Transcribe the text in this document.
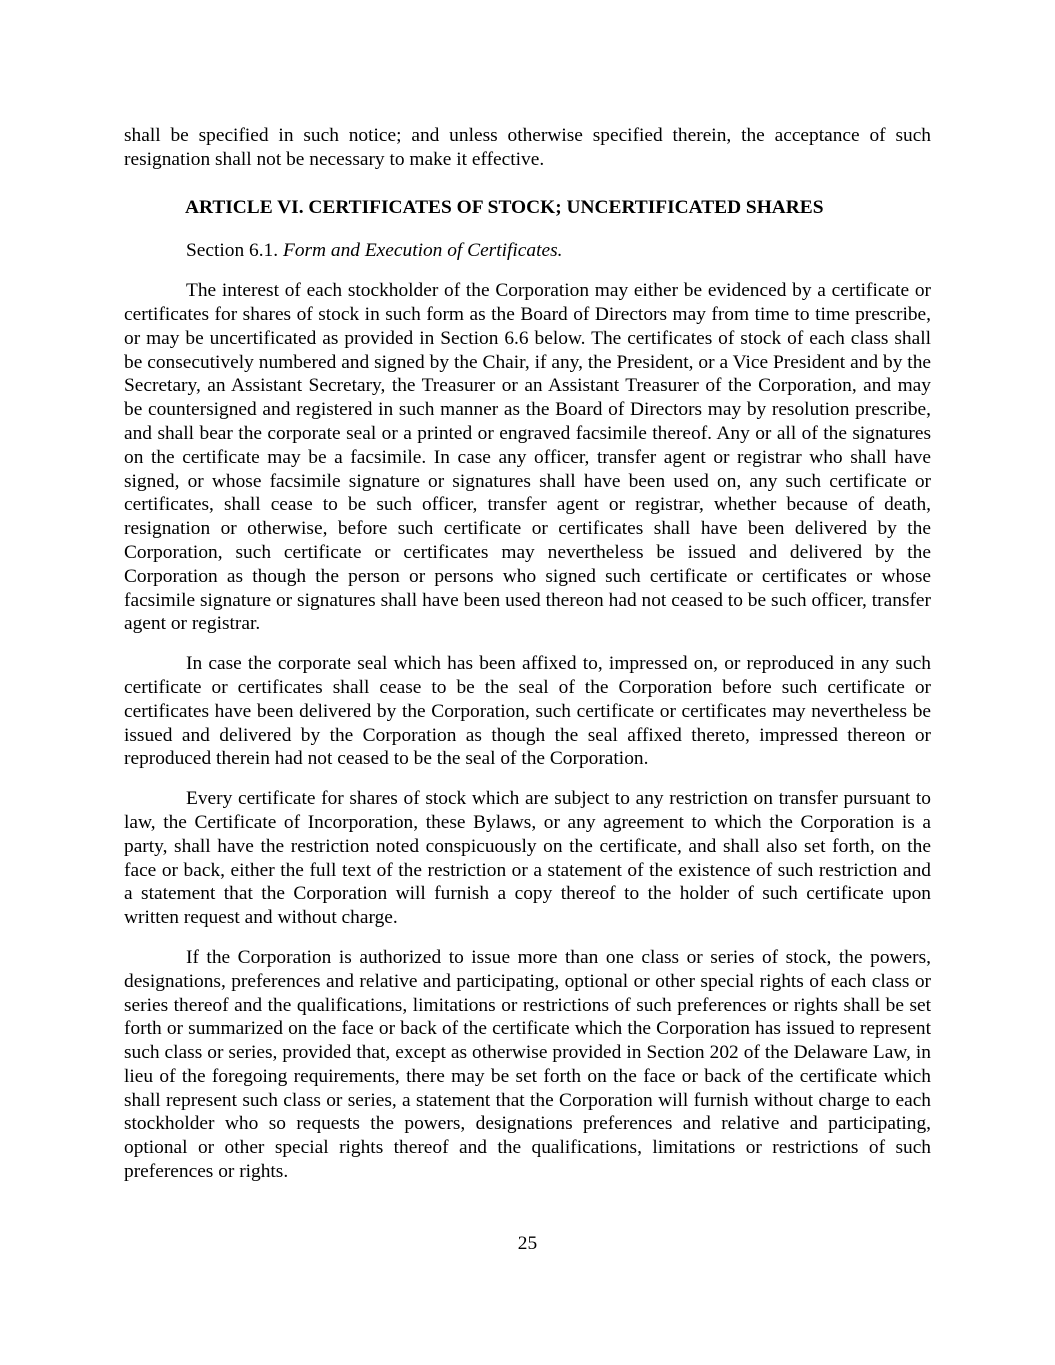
shall be specified in such notice; and unless otherwise specified therein, the acceptance of such resignation shall not be necessary to make it effective.

ARTICLE VI. CERTIFICATES OF STOCK; UNCERTIFICATED SHARES
Section 6.1. Form and Execution of Certificates.

The interest of each stockholder of the Corporation may either be evidenced by a certificate or certificates for shares of stock in such form as the Board of Directors may from time to time prescribe, or may be uncertificated as provided in Section 6.6 below. The certificates of stock of each class shall be consecutively numbered and signed by the Chair, if any, the President, or a Vice President and by the Secretary, an Assistant Secretary, the Treasurer or an Assistant Treasurer of the Corporation, and may be countersigned and registered in such manner as the Board of Directors may by resolution prescribe, and shall bear the corporate seal or a printed or engraved facsimile thereof. Any or all of the signatures on the certificate may be a facsimile. In case any officer, transfer agent or registrar who shall have signed, or whose facsimile signature or signatures shall have been used on, any such certificate or certificates, shall cease to be such officer, transfer agent or registrar, whether because of death, resignation or otherwise, before such certificate or certificates shall have been delivered by the Corporation, such certificate or certificates may nevertheless be issued and delivered by the Corporation as though the person or persons who signed such certificate or certificates or whose facsimile signature or signatures shall have been used thereon had not ceased to be such officer, transfer agent or registrar.

In case the corporate seal which has been affixed to, impressed on, or reproduced in any such certificate or certificates shall cease to be the seal of the Corporation before such certificate or certificates have been delivered by the Corporation, such certificate or certificates may nevertheless be issued and delivered by the Corporation as though the seal affixed thereto, impressed thereon or reproduced therein had not ceased to be the seal of the Corporation.

Every certificate for shares of stock which are subject to any restriction on transfer pursuant to law, the Certificate of Incorporation, these Bylaws, or any agreement to which the Corporation is a party, shall have the restriction noted conspicuously on the certificate, and shall also set forth, on the face or back, either the full text of the restriction or a statement of the existence of such restriction and a statement that the Corporation will furnish a copy thereof to the holder of such certificate upon written request and without charge.

If the Corporation is authorized to issue more than one class or series of stock, the powers, designations, preferences and relative and participating, optional or other special rights of each class or series thereof and the qualifications, limitations or restrictions of such preferences or rights shall be set forth or summarized on the face or back of the certificate which the Corporation has issued to represent such class or series, provided that, except as otherwise provided in Section 202 of the Delaware Law, in lieu of the foregoing requirements, there may be set forth on the face or back of the certificate which shall represent such class or series, a statement that the Corporation will furnish without charge to each stockholder who so requests the powers, designations preferences and relative and participating, optional or other special rights thereof and the qualifications, limitations or restrictions of such preferences or rights.

25
